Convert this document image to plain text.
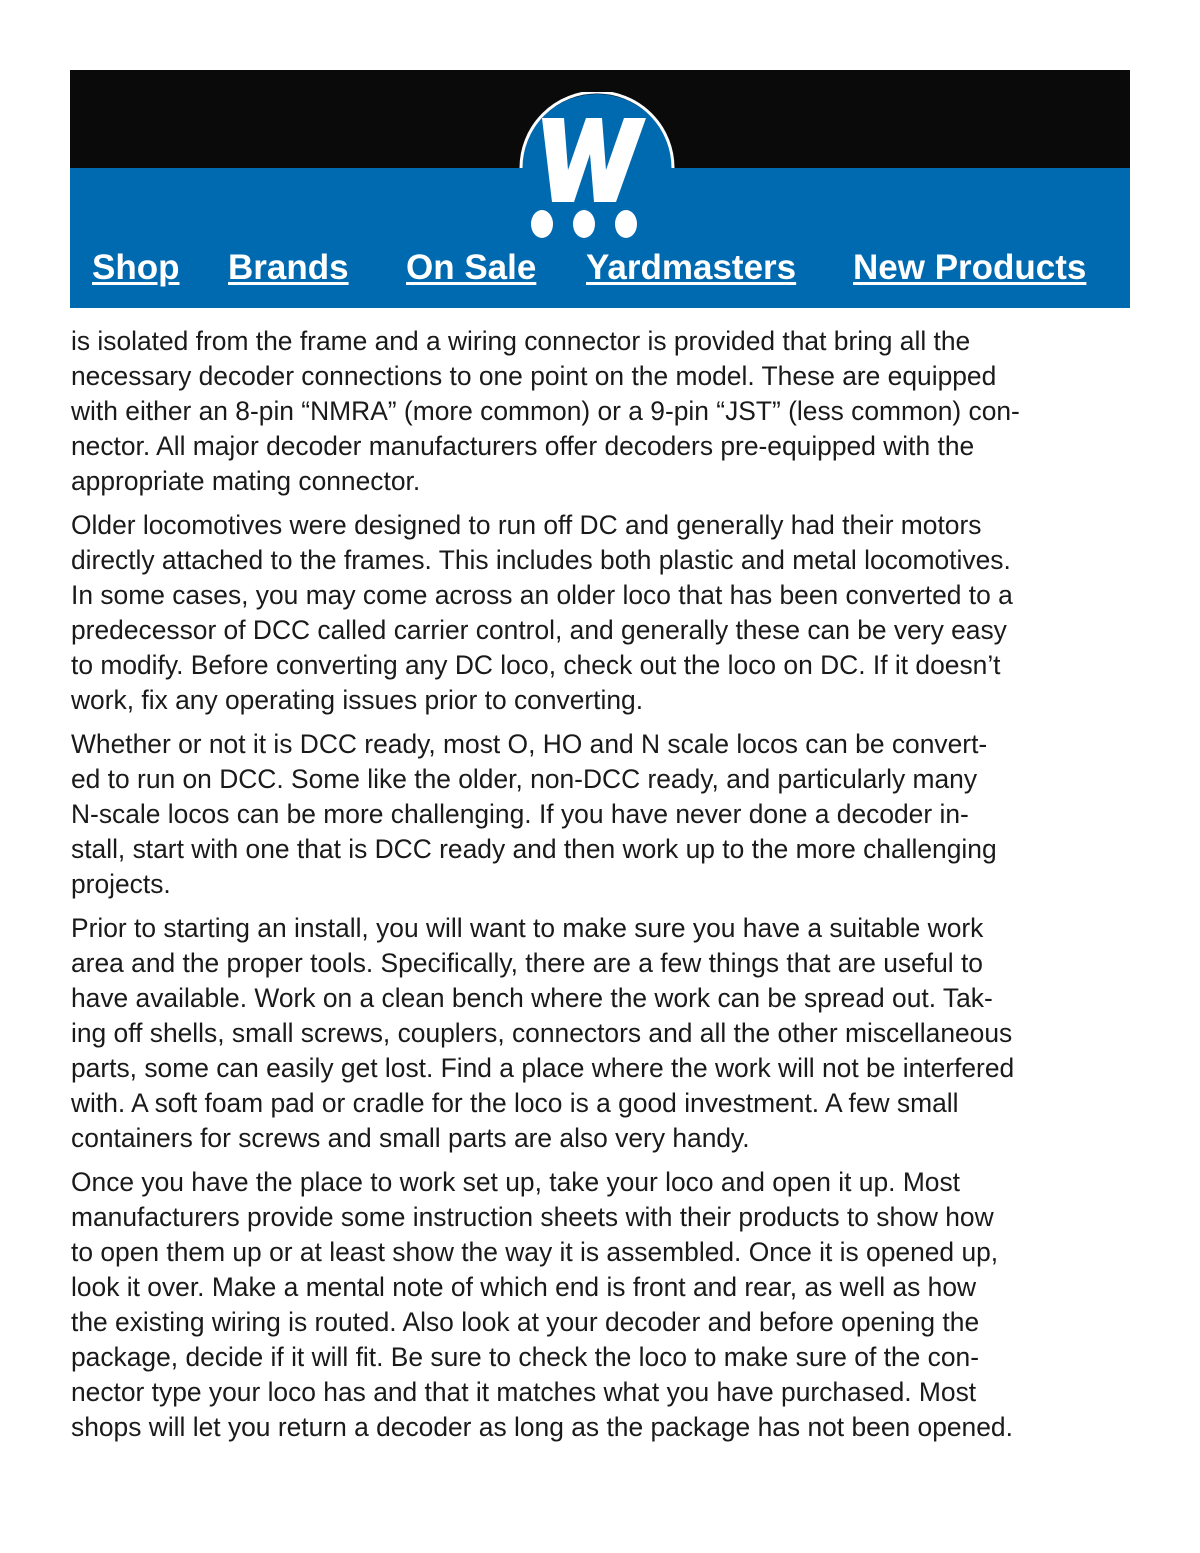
Shop Brands On Sale Yardmasters New Products

is isolated from the frame and a wiring connector is provided that bring all the
necessary decoder connections to one point on the model. These are equipped
with either an 8-pin “NMRA” (more common) or a 9-pin “JST” (less common) con-
nector. All major decoder manufacturers offer decoders pre-equipped with the
appropriate mating connector.

Older locomotives were designed to run off DC and generally had their motors
directly attached to the frames. This includes both plastic and metal locomotives.
In some cases, you may come across an older loco that has been converted to a
predecessor of DCC called carrier control, and generally these can be very easy
to modify. Before converting any DC loco, check out the loco on DC. If it doesn’t
work, fix any operating issues prior to converting.

Whether or not it is DCC ready, most O, HO and N scale locos can be convert-
ed to run on DCC. Some like the older, non-DCC ready, and particularly many
N-scale locos can be more challenging. If you have never done a decoder in-
stall, start with one that is DCC ready and then work up to the more challenging
projects.

Prior to starting an install, you will want to make sure you have a suitable work
area and the proper tools. Specifically, there are a few things that are useful to
have available. Work on a clean bench where the work can be spread out. Tak-
ing off shells, small screws, couplers, connectors and all the other miscellaneous
parts, some can easily get lost. Find a place where the work will not be interfered
with. A soft foam pad or cradle for the loco is a good investment. A few small
containers for screws and small parts are also very handy.

Once you have the place to work set up, take your loco and open it up. Most
manufacturers provide some instruction sheets with their products to show how
to open them up or at least show the way it is assembled. Once it is opened up,
look it over. Make a mental note of which end is front and rear, as well as how
the existing wiring is routed. Also look at your decoder and before opening the
package, decide if it will fit. Be sure to check the loco to make sure of the con-
nector type your loco has and that it matches what you have purchased. Most
shops will let you return a decoder as long as the package has not been opened.
